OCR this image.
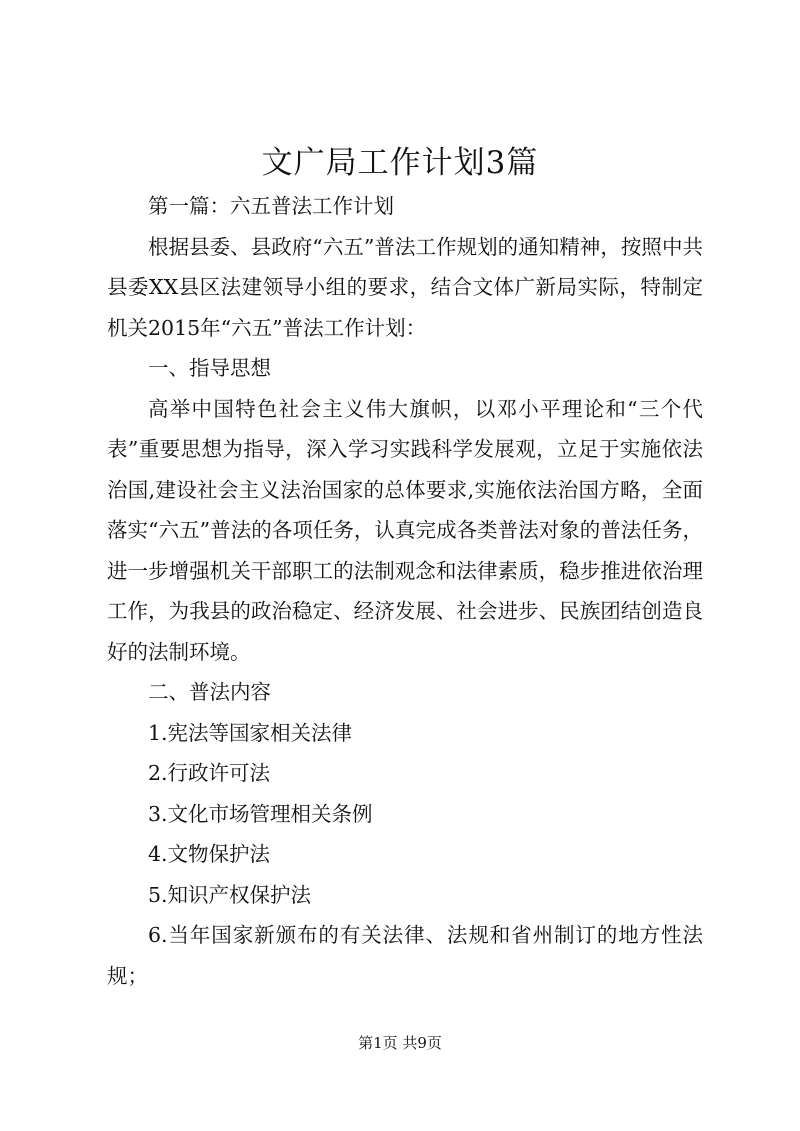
文广局工作计划3篇

第一篇：六五普法工作计划

根据县委、县政府“六五”普法工作规划的通知精神，按照中共县委XX县区法建领导小组的要求，结合文体广新局实际，特制定机关2015年“六五”普法工作计划：

一、指导思想

高举中国特色社会主义伟大旗帜，以邓小平理论和“三个代表”重要思想为指导，深入学习实践科学发展观，立足于实施依法治国,建设社会主义法治国家的总体要求,实施依法治国方略，全面落实“六五”普法的各项任务，认真完成各类普法对象的普法任务，进一步增强机关干部职工的法制观念和法律素质，稳步推进依治理工作，为我县的政治稳定、经济发展、社会进步、民族团结创造良好的法制环境。

二、普法内容

1.宪法等国家相关法律

2.行政许可法

3.文化市场管理相关条例

4.文物保护法

5.知识产权保护法

6.当年国家新颁布的有关法律、法规和省州制订的地方性法规；

第1页 共9页
